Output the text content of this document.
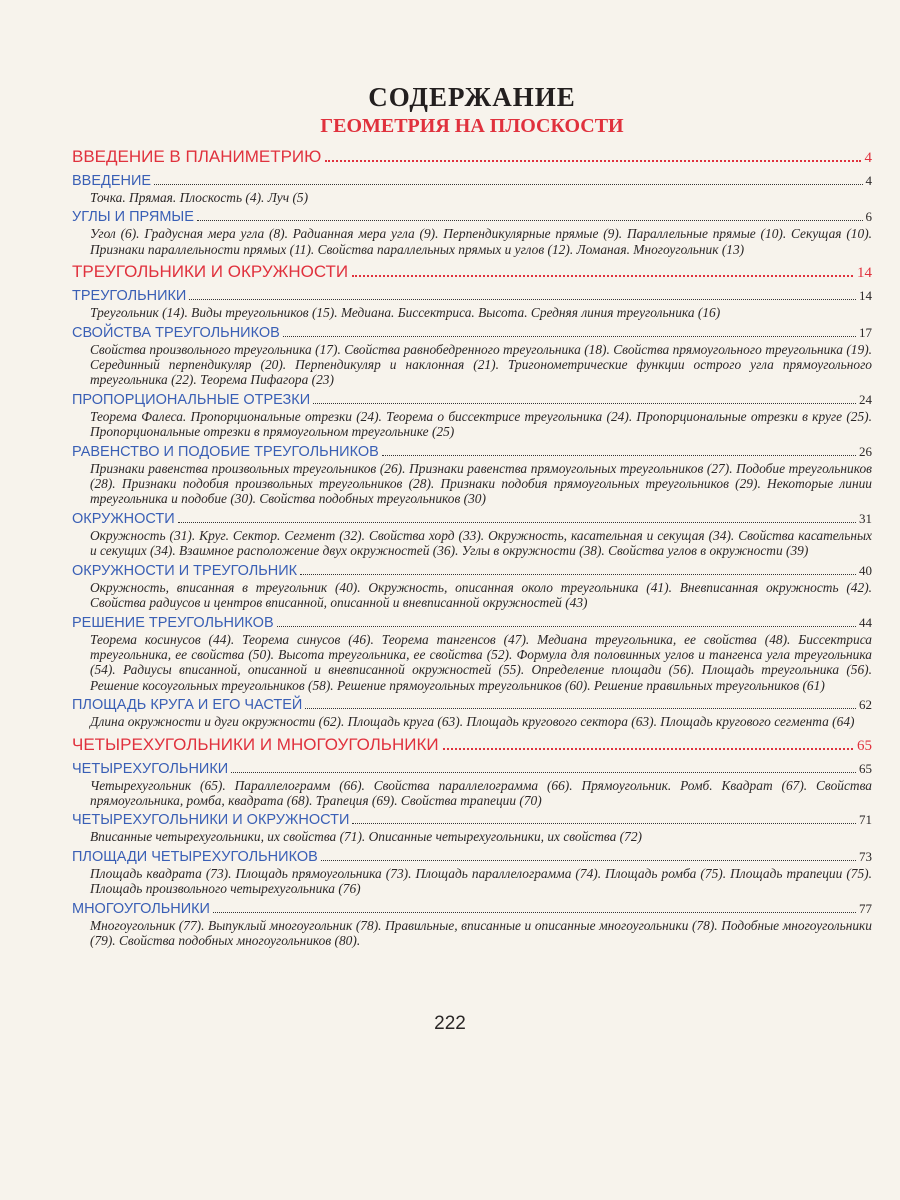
СОДЕРЖАНИЕ
ГЕОМЕТРИЯ НА ПЛОСКОСТИ
ВВЕДЕНИЕ В ПЛАНИМЕТРИЮ	4
ВВЕДЕНИЕ	4
Точка. Прямая. Плоскость (4). Луч (5)
УГЛЫ И ПРЯМЫЕ	6
Угол (6). Градусная мера угла (8). Радианная мера угла (9). Перпендикулярные прямые (9). Параллельные прямые (10). Секущая (10). Признаки параллельности прямых (11). Свойства параллельных прямых и углов (12). Ломаная. Многоугольник (13)
ТРЕУГОЛЬНИКИ И ОКРУЖНОСТИ	14
ТРЕУГОЛЬНИКИ	14
Треугольник (14). Виды треугольников (15). Медиана. Биссектриса. Высота. Средняя линия треугольника (16)
СВОЙСТВА ТРЕУГОЛЬНИКОВ	17
Свойства произвольного треугольника (17). Свойства равнобедренного треугольника (18). Свойства прямоугольного треугольника (19). Серединный перпендикуляр (20). Перпендикуляр и наклонная (21). Тригонометрические функции острого угла прямоугольного треугольника (22). Теорема Пифагора (23)
ПРОПОРЦИОНАЛЬНЫЕ ОТРЕЗКИ	24
Теорема Фалеса. Пропорциональные отрезки (24). Теорема о биссектрисе треугольника (24). Пропорциональные отрезки в круге (25). Пропорциональные отрезки в прямоугольном треугольнике (25)
РАВЕНСТВО И ПОДОБИЕ ТРЕУГОЛЬНИКОВ	26
Признаки равенства произвольных треугольников (26). Признаки равенства прямоугольных треугольников (27). Подобие треугольников (28). Признаки подобия произвольных треугольников (28). Признаки подобия прямоугольных треугольников (29). Некоторые линии треугольника и подобие (30). Свойства подобных треугольников (30)
ОКРУЖНОСТИ	31
Окружность (31). Круг. Сектор. Сегмент (32). Свойства хорд (33). Окружность, касательная и секущая (34). Свойства касательных и секущих (34). Взаимное расположение двух окружностей (36). Углы в окружности (38). Свойства углов в окружности (39)
ОКРУЖНОСТИ И ТРЕУГОЛЬНИК	40
Окружность, вписанная в треугольник (40). Окружность, описанная около треугольника (41). Вневписанная окружность (42). Свойства радиусов и центров вписанной, описанной и вневписанной окружностей (43)
РЕШЕНИЕ ТРЕУГОЛЬНИКОВ	44
Теорема косинусов (44). Теорема синусов (46). Теорема тангенсов (47). Медиана треугольника, ее свойства (48). Биссектриса треугольника, ее свойства (50). Высота треугольника, ее свойства (52). Формула для половинных углов и тангенса угла треугольника (54). Радиусы вписанной, описанной и вневписанной окружностей (55). Определение площади (56). Площадь треугольника (56). Решение косоугольных треугольников (58). Решение прямоугольных треугольников (60). Решение правильных треугольников (61)
ПЛОЩАДЬ КРУГА И ЕГО ЧАСТЕЙ	62
Длина окружности и дуги окружности (62). Площадь круга (63). Площадь кругового сектора (63). Площадь кругового сегмента (64)
ЧЕТЫРЕХУГОЛЬНИКИ И МНОГОУГОЛЬНИКИ	65
ЧЕТЫРЕХУГОЛЬНИКИ	65
Четырехугольник (65). Параллелограмм (66). Свойства параллелограмма (66). Прямоугольник. Ромб. Квадрат (67). Свойства прямоугольника, ромба, квадрата (68). Трапеция (69). Свойства трапеции (70)
ЧЕТЫРЕХУГОЛЬНИКИ И ОКРУЖНОСТИ	71
Вписанные четырехугольники, их свойства (71). Описанные четырехугольники, их свойства (72)
ПЛОЩАДИ ЧЕТЫРЕХУГОЛЬНИКОВ	73
Площадь квадрата (73). Площадь прямоугольника (73). Площадь параллелограмма (74). Площадь ромба (75). Площадь трапеции (75). Площадь произвольного четырехугольника (76)
МНОГОУГОЛЬНИКИ	77
Многоугольник (77). Выпуклый многоугольник (78). Правильные, вписанные и описанные многоугольники (78). Подобные многоугольники (79). Свойства подобных многоугольников (80).
222
